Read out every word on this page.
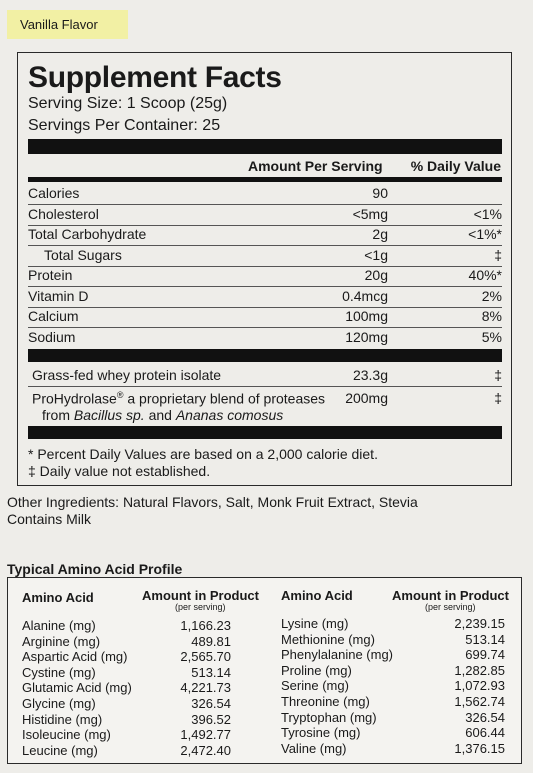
Vanilla Flavor
Supplement Facts
Serving Size: 1 Scoop (25g)
Servings Per Container: 25
Amount Per Serving % Daily Value
Calories	90
Cholesterol	<5mg	<1%
Total Carbohydrate	2g	<1%*
Total Sugars	<1g	‡
Protein	20g	40%*
Vitamin D	0.4mcg	2%
Calcium	100mg	8%
Sodium	120mg	5%
Grass-fed whey protein isolate	23.3g	‡
ProHydrolase® a proprietary blend of proteases
from Bacillus sp. and Ananas comosus
200mg	‡
* Percent Daily Values are based on a 2,000 calorie diet.
‡ Daily value not established.
Other Ingredients: Natural Flavors, Salt, Monk Fruit Extract, Stevia
Contains Milk
Typical Amino Acid Profile
Amino Acid	Amount in Product
(per serving)
Amino Acid	Amount in Product
(per serving)
Alanine (mg)	1,166.23
Arginine (mg)	489.81
Aspartic Acid (mg)	2,565.70
Cystine (mg)	513.14
Glutamic Acid (mg)	4,221.73
Glycine (mg)	326.54
Histidine (mg)	396.52
Isoleucine (mg)	1,492.77
Leucine (mg)	2,472.40
Lysine (mg)	2,239.15
Methionine (mg)	513.14
Phenylalanine (mg)	699.74
Proline (mg)	1,282.85
Serine (mg)	1,072.93
Threonine (mg)	1,562.74
Tryptophan (mg)	326.54
Tyrosine (mg)	606.44
Valine (mg)	1,376.15
